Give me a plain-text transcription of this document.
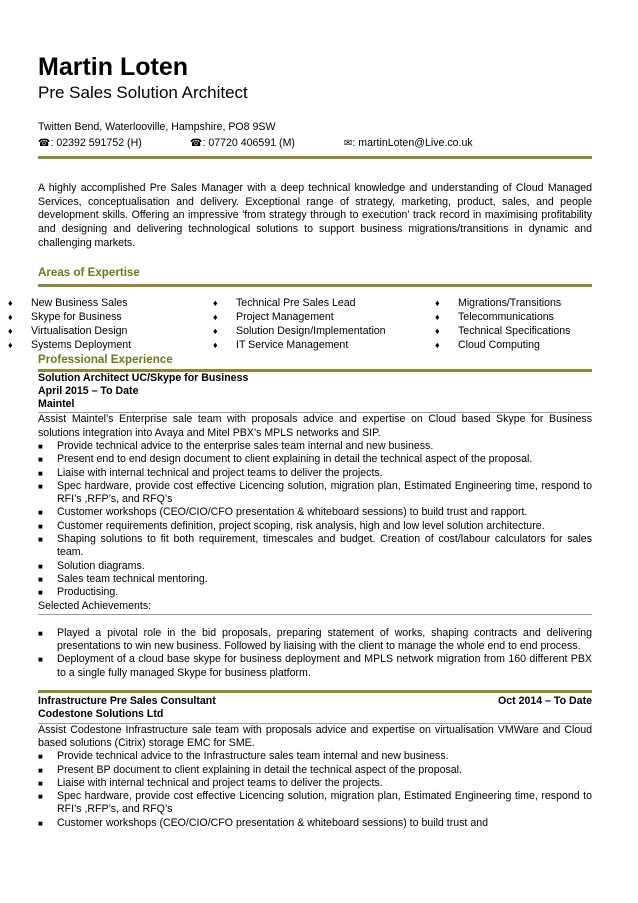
Martin Loten
Pre Sales Solution Architect
Twitten Bend, Waterlooville, Hampshire, PO8 9SW
☎: 02392 591752 (H)	☎: 07720 406591 (M)	✉: martinLoten@Live.co.uk
A highly accomplished Pre Sales Manager with a deep technical knowledge and understanding of Cloud Managed Services, conceptualisation and delivery. Exceptional range of strategy, marketing, product, sales, and people development skills. Offering an impressive 'from strategy through to execution' track record in maximising profitability and designing and delivering technological solutions to support business migrations/transitions in dynamic and challenging markets.
Areas of Expertise
♦	New Business Sales	♦	Technical Pre Sales Lead	♦	Migrations/Transitions
♦	Skype for Business	♦	Project Management	♦	Telecommunications
♦	Virtualisation Design	♦	Solution Design/Implementation	♦	Technical Specifications
♦	Systems Deployment	♦	IT Service Management	♦	Cloud Computing
Professional Experience
Solution Architect UC/Skype for Business
April 2015 – To Date
Maintel
Assist Maintel’s Enterprise sale team with proposals advice and expertise on Cloud based Skype for Business solutions integration into Avaya and Mitel PBX’s MPLS networks and SIP.
■	Provide technical advice to the enterprise sales team internal and new business.
■	Present end to end design document to client explaining in detail the technical aspect of the proposal.
■	Liaise with internal technical and project teams to deliver the projects.
■	Spec hardware, provide cost effective Licencing solution, migration plan, Estimated Engineering time, respond to RFI’s ,RFP’s, and RFQ’s
■	Customer workshops (CEO/CIO/CFO presentation & whiteboard sessions) to build trust and rapport.
■	Customer requirements definition, project scoping, risk analysis, high and low level solution architecture.
■	Shaping solutions to fit both requirement, timescales and budget. Creation of cost/labour calculators for sales team.
■	Solution diagrams.
■	Sales team technical mentoring.
■	Productising.
Selected Achievements:
■	Played a pivotal role in the bid proposals, preparing statement of works, shaping contracts and delivering presentations to win new business. Followed by liaising with the client to manage the whole end to end process.
■	Deployment of a cloud base skype for business deployment and MPLS network migration from 160 different PBX to a single fully managed Skype for business platform.
Infrastructure Pre Sales Consultant	Oct 2014 – To Date
Codestone Solutions Ltd
Assist Codestone Infrastructure sale team with proposals advice and expertise on virtualisation VMWare and Cloud based solutions (Citrix) storage EMC for SME.
■	Provide technical advice to the Infrastructure sales team internal and new business.
■	Present BP document to client explaining in detail the technical aspect of the proposal.
■	Liaise with internal technical and project teams to deliver the projects.
■	Spec hardware, provide cost effective Licencing solution, migration plan, Estimated Engineering time, respond to RFI’s ,RFP’s, and RFQ’s
■	Customer workshops (CEO/CIO/CFO presentation & whiteboard sessions) to build trust and
